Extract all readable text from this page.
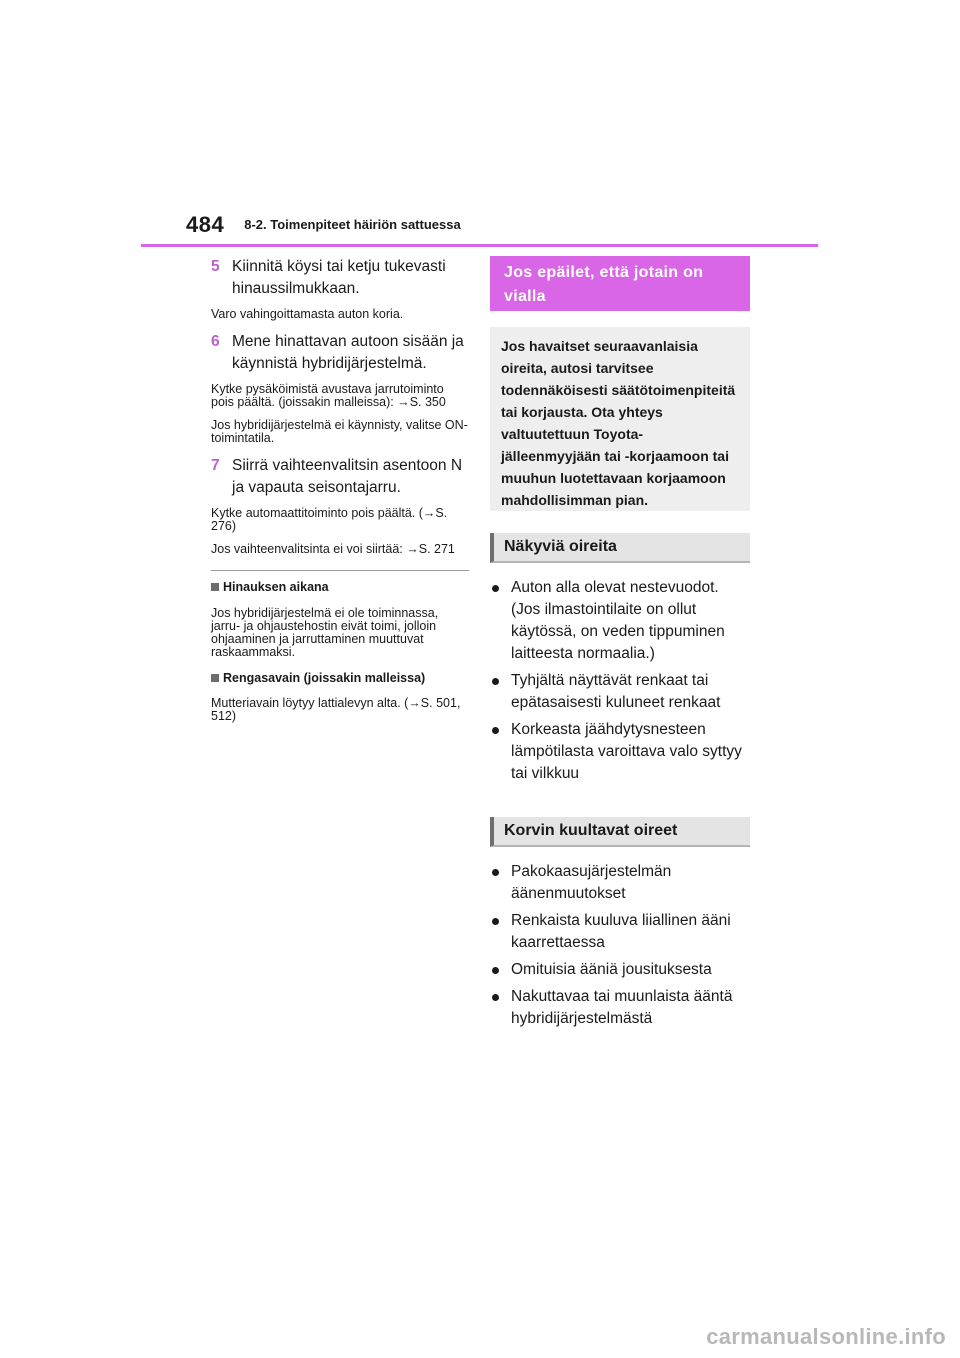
484 8-2. Toimenpiteet häiriön sattuessa
5 Kiinnitä köysi tai ketju tukevasti hinaussilmukkaan.

Varo vahingoittamasta auton koria.

6 Mene hinattavan autoon sisään ja käynnistä hybridijärjestelmä.

Kytke pysäköimistä avustava jarrutoiminto pois päältä. (joissakin malleissa): →S. 350

Jos hybridijärjestelmä ei käynnisty, valitse ON-toimintatila.

7 Siirrä vaihteenvalitsin asentoon N ja vapauta seisontajarru.

Kytke automaattitoiminto pois päältä. (→S. 276)

Jos vaihteenvalitsinta ei voi siirtää: →S. 271

Hinauksen aikana

Jos hybridijärjestelmä ei ole toiminnassa, jarru- ja ohjaustehostin eivät toimi, jolloin ohjaaminen ja jarruttaminen muuttuvat raskaammaksi.

Rengasavain (joissakin malleissa)

Mutteriavain löytyy lattialevyn alta. (→S. 501, 512)

Jos epäilet, että jotain on vialla
Jos havaitset seuraavanlaisia oireita, autosi tarvitsee todennäköisesti säätötoimenpiteitä tai korjausta. Ota yhteys valtuutettuun Toyota-jälleenmyyjään tai -korjaamoon tai muuhun luotettavaan korjaamoon mahdollisimman pian.
Näkyviä oireita
Auton alla olevat nestevuodot. (Jos ilmastointilaite on ollut käytössä, on veden tippuminen laitteesta normaalia.)
Tyhjältä näyttävät renkaat tai epätasaisesti kuluneet renkaat
Korkeasta jäähdytysnesteen lämpötilasta varoittava valo syttyy tai vilkkuu
Korvin kuultavat oireet
Pakokaasujärjestelmän äänenmuutokset
Renkaista kuuluva liiallinen ääni kaarrettaessa
Omituisia ääniä jousituksesta
Nakuttavaa tai muunlaista ääntä hybridijärjestelmästä
carmanualsonline.info
